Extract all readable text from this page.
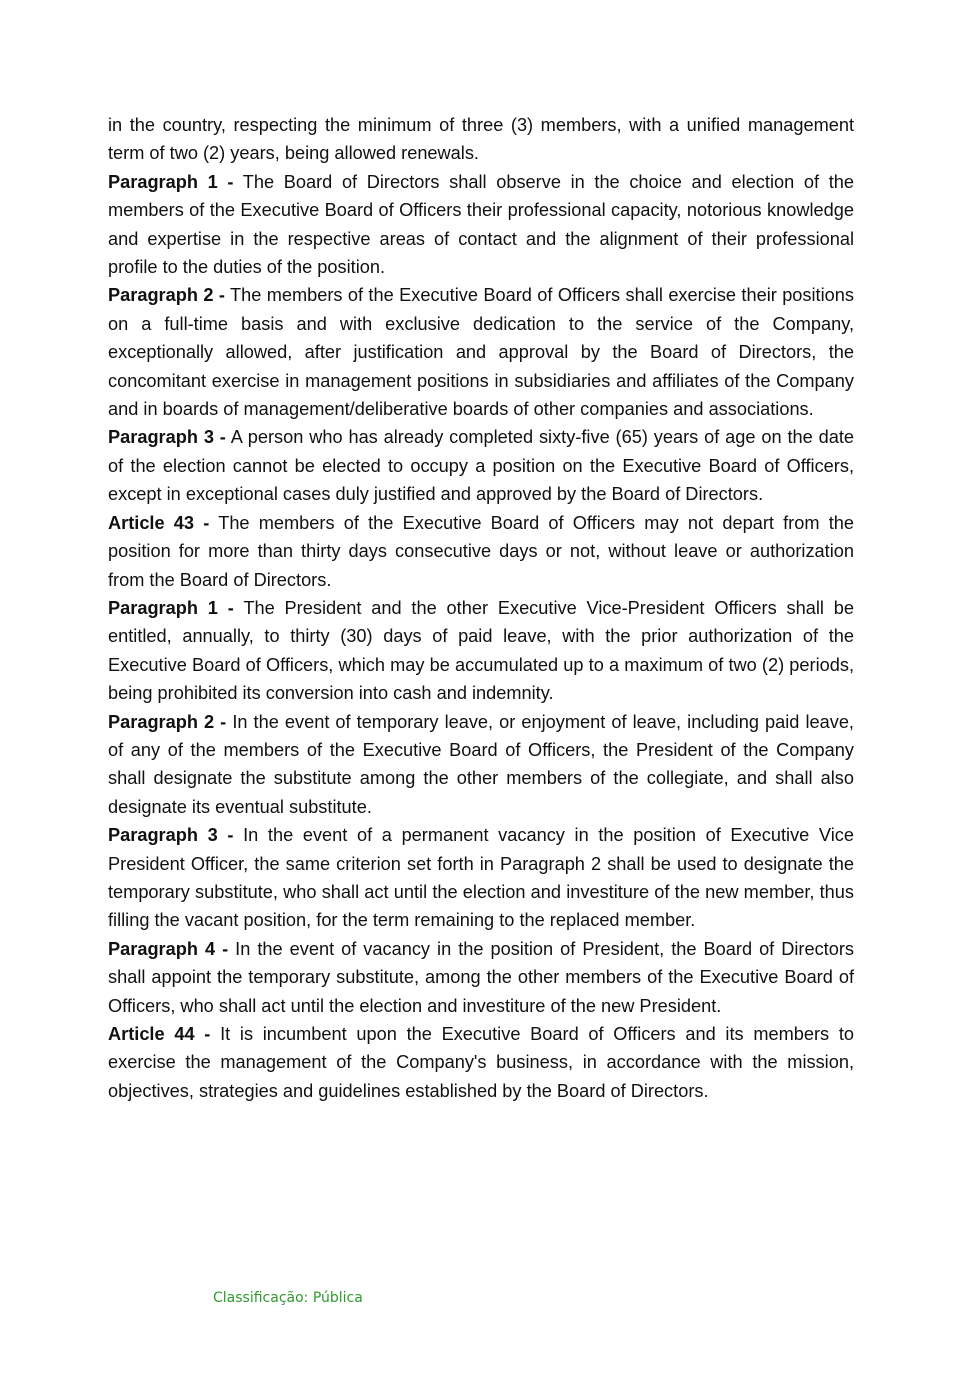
in the country, respecting the minimum of three (3) members, with a unified management term of two (2) years, being allowed renewals.

Paragraph 1 - The Board of Directors shall observe in the choice and election of the members of the Executive Board of Officers their professional capacity, notorious knowledge and expertise in the respective areas of contact and the alignment of their professional profile to the duties of the position.

Paragraph 2 - The members of the Executive Board of Officers shall exercise their positions on a full-time basis and with exclusive dedication to the service of the Company, exceptionally allowed, after justification and approval by the Board of Directors, the concomitant exercise in management positions in subsidiaries and affiliates of the Company and in boards of management/deliberative boards of other companies and associations.

Paragraph 3 - A person who has already completed sixty-five (65) years of age on the date of the election cannot be elected to occupy a position on the Executive Board of Officers, except in exceptional cases duly justified and approved by the Board of Directors.

Article 43 - The members of the Executive Board of Officers may not depart from the position for more than thirty days consecutive days or not, without leave or authorization from the Board of Directors.

Paragraph 1 - The President and the other Executive Vice-President Officers shall be entitled, annually, to thirty (30) days of paid leave, with the prior authorization of the Executive Board of Officers, which may be accumulated up to a maximum of two (2) periods, being prohibited its conversion into cash and indemnity.

Paragraph 2 - In the event of temporary leave, or enjoyment of leave, including paid leave, of any of the members of the Executive Board of Officers, the President of the Company shall designate the substitute among the other members of the collegiate, and shall also designate its eventual substitute.

Paragraph 3 - In the event of a permanent vacancy in the position of Executive Vice President Officer, the same criterion set forth in Paragraph 2 shall be used to designate the temporary substitute, who shall act until the election and investiture of the new member, thus filling the vacant position, for the term remaining to the replaced member.

Paragraph 4 - In the event of vacancy in the position of President, the Board of Directors shall appoint the temporary substitute, among the other members of the Executive Board of Officers, who shall act until the election and investiture of the new President.

Article 44 - It is incumbent upon the Executive Board of Officers and its members to exercise the management of the Company's business, in accordance with the mission, objectives, strategies and guidelines established by the Board of Directors.

Classificação: Pública
